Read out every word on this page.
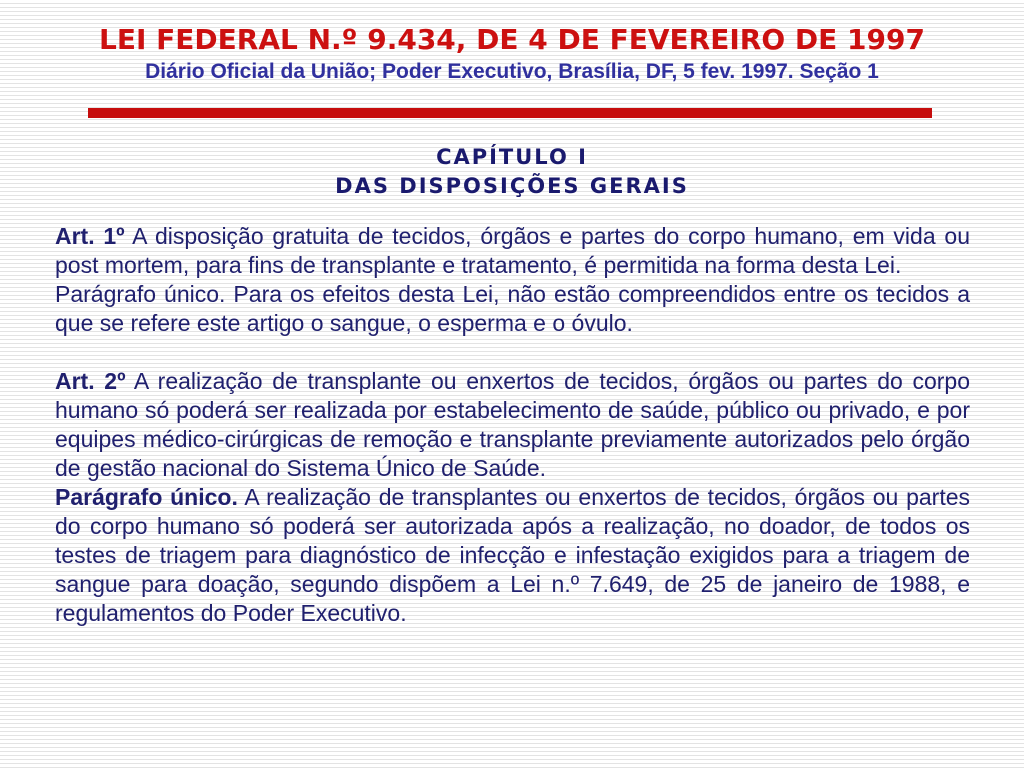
LEI FEDERAL N.º 9.434, DE 4 DE FEVEREIRO DE 1997
Diário Oficial da União; Poder Executivo, Brasília, DF, 5 fev. 1997. Seção 1
CAPÍTULO I
DAS DISPOSIÇÕES GERAIS

Art. 1º A disposição gratuita de tecidos, órgãos e partes do corpo humano, em vida ou post mortem, para fins de transplante e tratamento, é permitida na forma desta Lei.

Parágrafo único. Para os efeitos desta Lei, não estão compreendidos entre os tecidos a que se refere este artigo o sangue, o esperma e o óvulo.

Art. 2º A realização de transplante ou enxertos de tecidos, órgãos ou partes do corpo humano só poderá ser realizada por estabelecimento de saúde, público ou privado, e por equipes médico-cirúrgicas de remoção e transplante previamente autorizados pelo órgão de gestão nacional do Sistema Único de Saúde.

Parágrafo único. A realização de transplantes ou enxertos de tecidos, órgãos ou partes do corpo humano só poderá ser autorizada após a realização, no doador, de todos os testes de triagem para diagnóstico de infecção e infestação exigidos para a triagem de sangue para doação, segundo dispõem a Lei n.º 7.649, de 25 de janeiro de 1988, e regulamentos do Poder Executivo.
